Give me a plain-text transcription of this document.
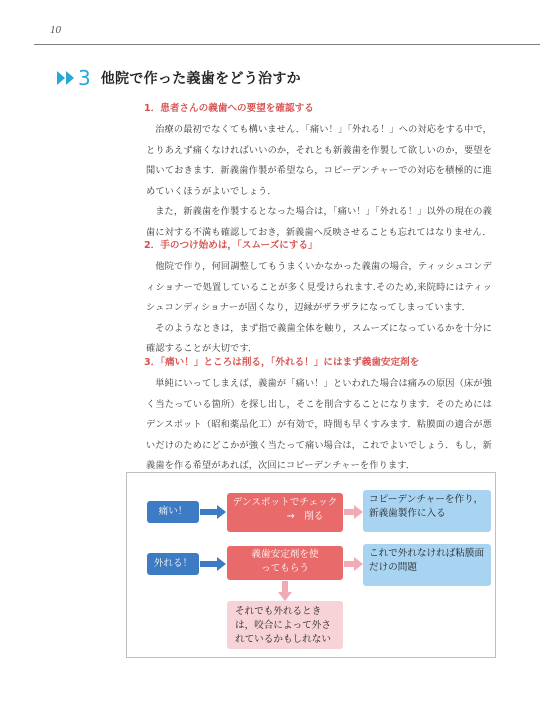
10
3 他院で作った義歯をどう治すか
1．患者さんの義歯への要望を確認する

治療の最初でなくても構いません．「痛い！」「外れる！」への対応をする中で，とりあえず痛くなければいいのか，それとも新義歯を作製して欲しいのか，要望を聞いておきます．新義歯作製が希望なら，コピーデンチャーでの対応を積極的に進めていくほうがよいでしょう．

また，新義歯を作製するとなった場合は，「痛い！」「外れる！」以外の現在の義歯に対する不満も確認しておき，新義歯へ反映させることも忘れてはなりません．

2．手のつけ始めは，「スムーズにする」

他院で作り，何回調整してもうまくいかなかった義歯の場合，ティッシュコンディショナーで処置していることが多く見受けられます.そのため,来院時にはティッシュコンディショナーが固くなり，辺縁がザラザラになってしまっています．

そのようなときは，まず指で義歯全体を触り，スムーズになっているかを十分に確認することが大切です．

3．「痛い！」ところは削る，「外れる！」にはまず義歯安定剤を

単純にいってしまえば，義歯が「痛い！」といわれた場合は痛みの原因（床が強く当たっている箇所）を探し出し，そこを削合することになります．そのためにはデンスポット（昭和薬品化工）が有効で，時間も早くすみます．粘膜面の適合が悪いだけのためにどこかが強く当たって痛い場合は，これでよいでしょう．もし，新義歯を作る希望があれば，次回にコピーデンチャーを作ります．

痛い！
デンスポットでチェック
→　削る
コピーデンチャーを作り，新義歯製作に入る
外れる！
義歯安定剤を使ってもらう
これで外れなければ粘膜面だけの問題
それでも外れるときは，咬合によって外されているかもしれない
